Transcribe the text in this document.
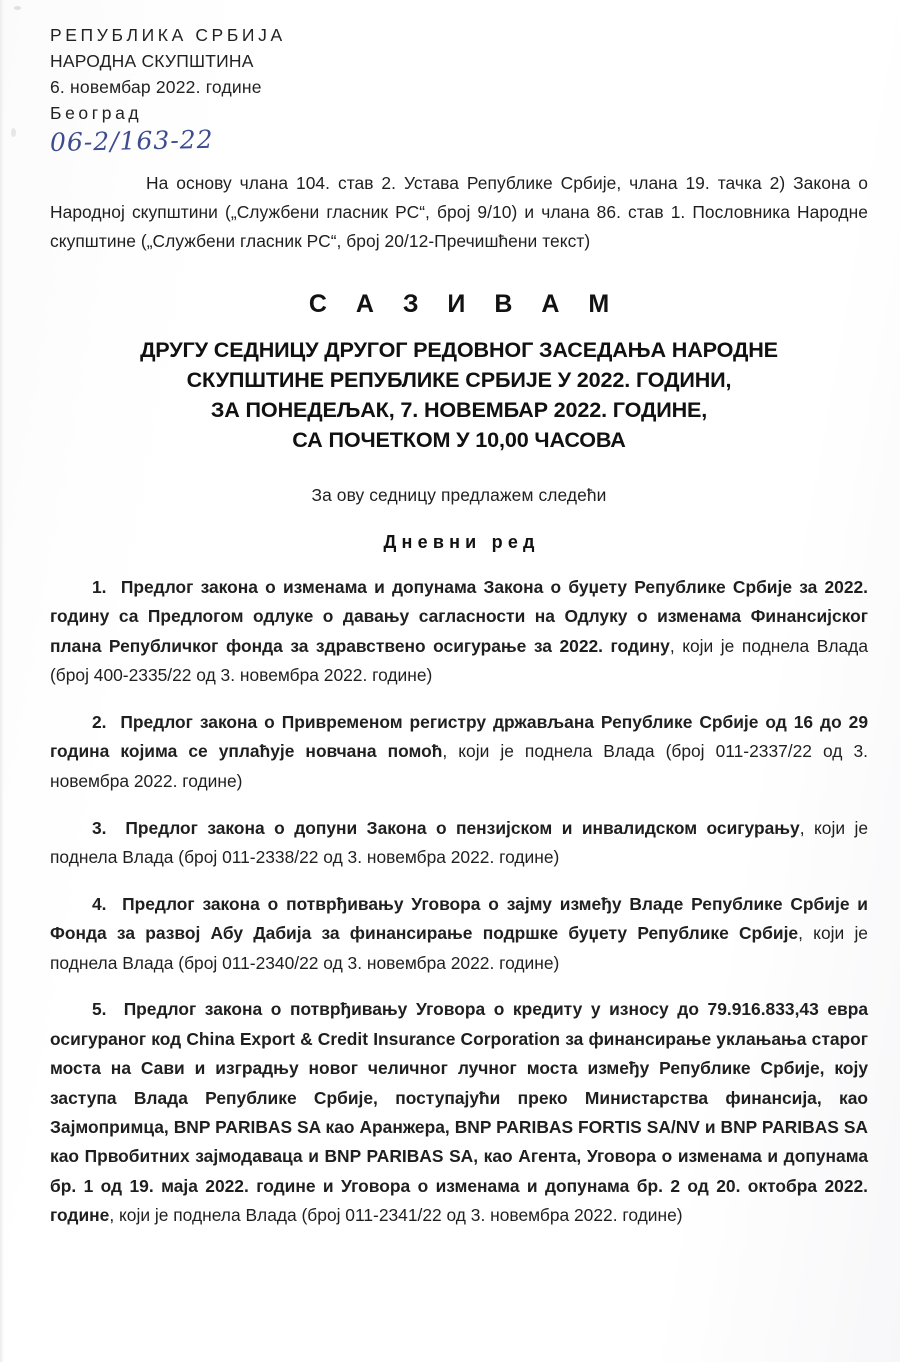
РЕПУБЛИКА СРБИЈА
НАРОДНА СКУПШТИНА
6. новембар 2022. године
Београд
06-2/163-22

На основу члана 104. став 2. Устава Републике Србије, члана 19. тачка 2) Закона о Народној скупштини („Службени гласник РС“, број 9/10) и члана 86. став 1. Пословника Народне скупштине („Службени гласник РС“, број 20/12-Пречишћени текст)

С А З И В А М
ДРУГУ СЕДНИЦУ ДРУГОГ РЕДОВНОГ ЗАСЕДАЊА НАРОДНЕ
СКУПШТИНЕ РЕПУБЛИКЕ СРБИЈЕ У 2022. ГОДИНИ,
ЗА ПОНЕДЕЉАК, 7. НОВЕМБАР 2022. ГОДИНЕ,
СА ПОЧЕТКОМ У 10,00 ЧАСОВА
За ову седницу предлажем следећи
Дневни ред

1.  Предлог закона о изменама и допунама Закона о буџету Републике Србије за 2022. годину са Предлогом одлуке о давању сагласности на Одлуку о изменама Финансијског плана Републичког фонда за здравствено осигурање за 2022. годину, који је поднела Влада (број 400-2335/22 од 3. новембра 2022. године)

2.  Предлог закона о Привременом регистру држављана Републике Србије од 16 до 29 година којима се уплаћује новчана помоћ, који је поднела Влада (број 011-2337/22 од 3. новембра 2022. године)

3.  Предлог закона о допуни Закона о пензијском и инвалидском осигурању, који је поднела Влада (број 011-2338/22 од 3. новембра 2022. године)

4.  Предлог закона о потврђивању Уговора о зајму између Владе Републике Србије и Фонда за развој Абу Дабија за финансирање подршке буџету Републике Србије, који је поднела Влада (број 011-2340/22 од 3. новембра 2022. године)

5.  Предлог закона о потврђивању Уговора о кредиту у износу до 79.916.833,43 евра осигураног код China Export & Credit Insurance Corporation за финансирање уклањања старог моста на Сави и изградњу новог челичног лучног моста између Републике Србије, коју заступа Влада Републике Србије, поступајући преко Министарства финансија, као Зајмопримца, BNP PARIBAS SA као Аранжера, BNP PARIBAS FORTIS SA/NV и BNP PARIBAS SA као Првобитних зајмодаваца и BNP PARIBAS SA, као Агента, Уговора о изменама и допунама бр. 1 од 19. маја 2022. године и Уговора о изменама и допунама бр. 2 од 20. октобра 2022. године, који је поднела Влада (број 011-2341/22 од 3. новембра 2022. године)
